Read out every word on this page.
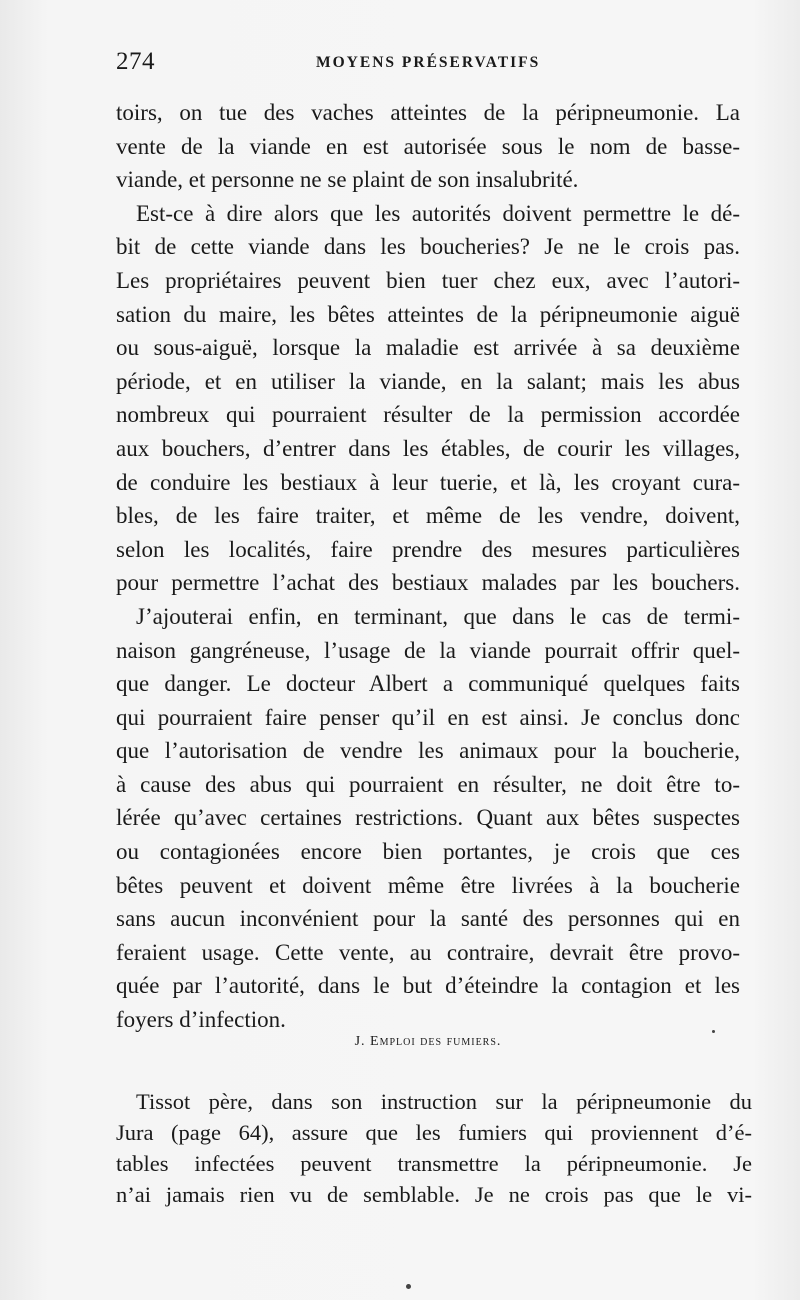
274	MOYENS PRÉSERVATIFS
toirs, on tue des vaches atteintes de la péripneumonie. La
vente de la viande en est autorisée sous le nom de basse-
viande, et personne ne se plaint de son insalubrité.
Est-ce à dire alors que les autorités doivent permettre le dé-
bit de cette viande dans les boucheries? Je ne le crois pas.
Les propriétaires peuvent bien tuer chez eux, avec l’autori-
sation du maire, les bêtes atteintes de la péripneumonie aiguë
ou sous-aiguë, lorsque la maladie est arrivée à sa deuxième
période, et en utiliser la viande, en la salant; mais les abus
nombreux qui pourraient résulter de la permission accordée
aux bouchers, d’entrer dans les étables, de courir les villages,
de conduire les bestiaux à leur tuerie, et là, les croyant cura-
bles, de les faire traiter, et même de les vendre, doivent,
selon les localités, faire prendre des mesures particulières
pour permettre l’achat des bestiaux malades par les bouchers.
J’ajouterai enfin, en terminant, que dans le cas de termi-
naison gangréneuse, l’usage de la viande pourrait offrir quel-
que danger. Le docteur Albert a communiqué quelques faits
qui pourraient faire penser qu’il en est ainsi. Je conclus donc
que l’autorisation de vendre les animaux pour la boucherie,
à cause des abus qui pourraient en résulter, ne doit être to-
lérée qu’avec certaines restrictions. Quant aux bêtes suspectes
ou contagionées encore bien portantes, je crois que ces
bêtes peuvent et doivent même être livrées à la boucherie
sans aucun inconvénient pour la santé des personnes qui en
feraient usage. Cette vente, au contraire, devrait être provo-
quée par l’autorité, dans le but d’éteindre la contagion et les
foyers d’infection.
J. Emploi des fumiers.
Tissot père, dans son instruction sur la péripneumonie du
Jura (page 64), assure que les fumiers qui proviennent d’é-
tables infectées peuvent transmettre la péripneumonie. Je
n’ai jamais rien vu de semblable. Je ne crois pas que le vi-
